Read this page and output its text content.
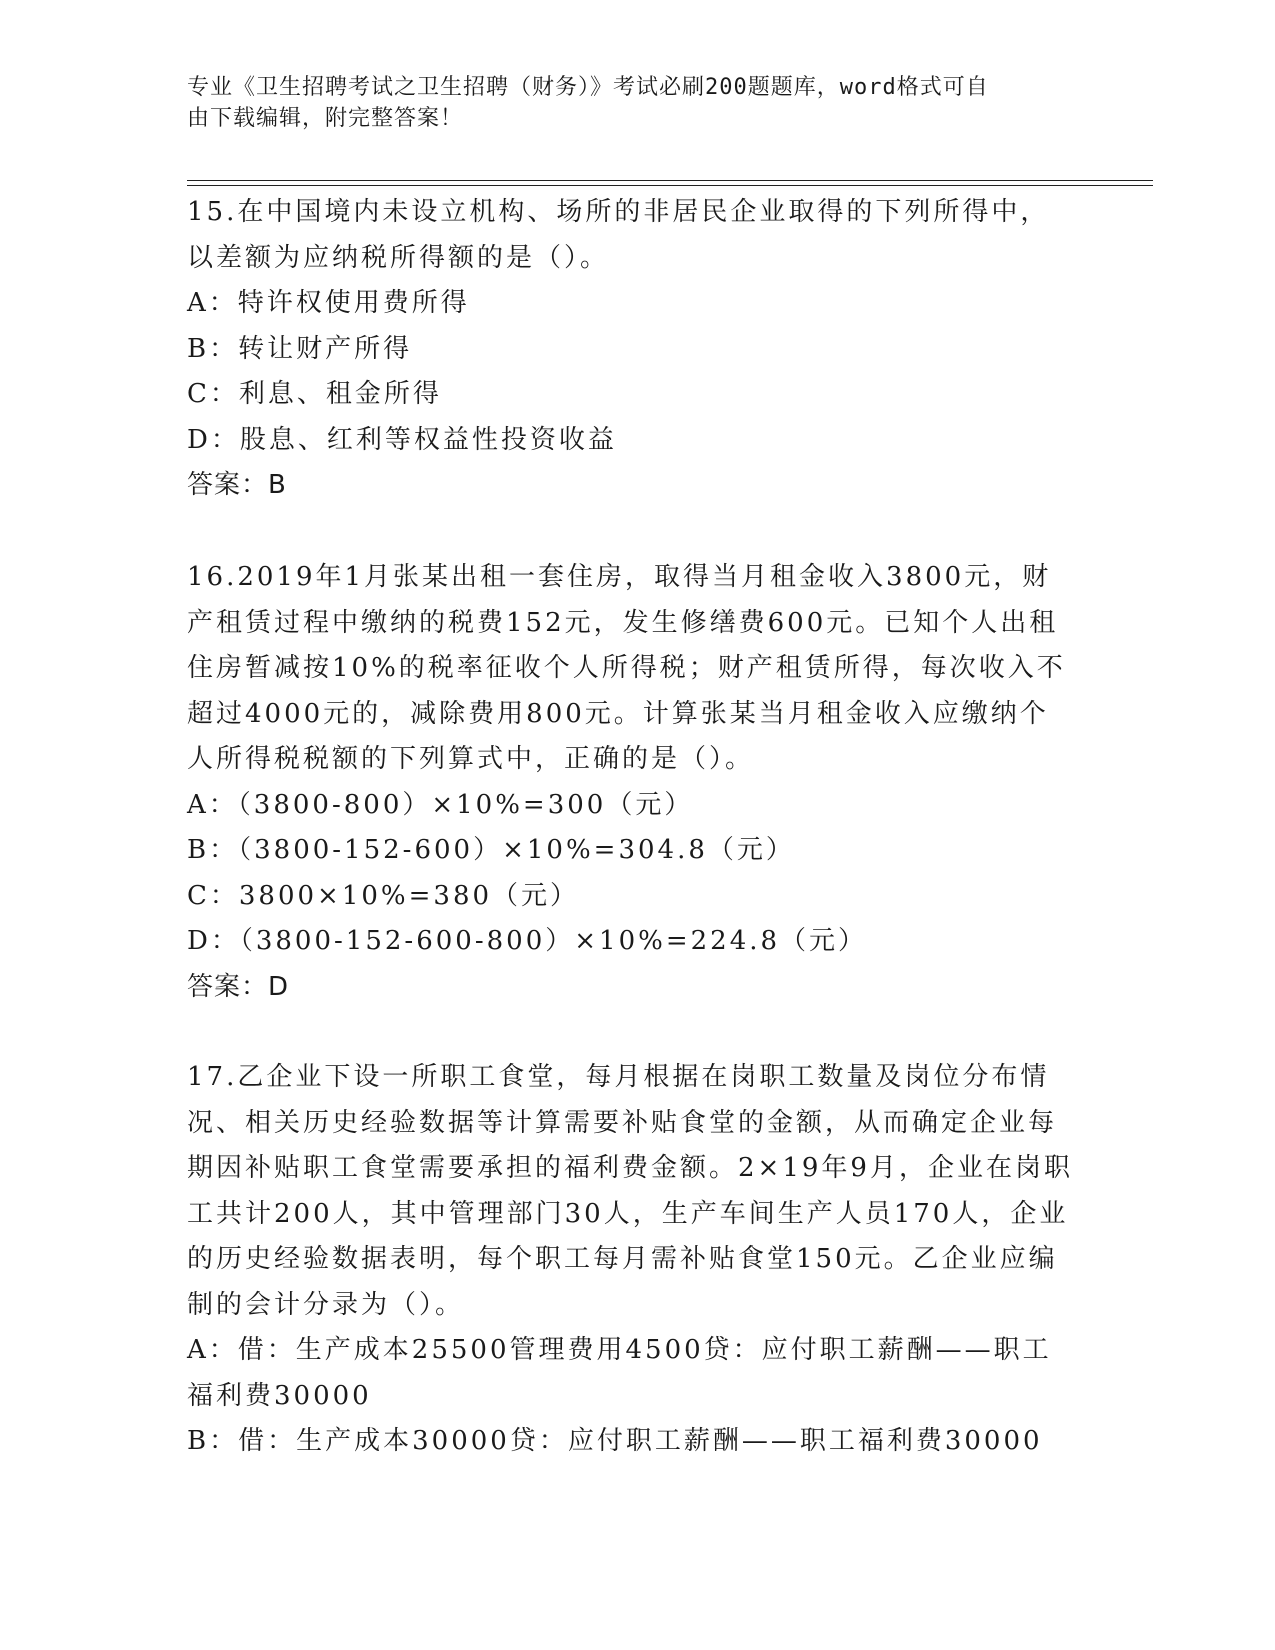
专业《卫生招聘考试之卫生招聘（财务）》考试必刷200题题库，word格式可自
由下载编辑，附完整答案！
15.在中国境内未设立机构、场所的非居民企业取得的下列所得中，以差额为应纳税所得额的是（）。
A：特许权使用费所得
B：转让财产所得
C：利息、租金所得
D：股息、红利等权益性投资收益
答案：B
16.2019年1月张某出租一套住房，取得当月租金收入3800元，财产租赁过程中缴纳的税费152元，发生修缮费600元。已知个人出租住房暂减按10%的税率征收个人所得税；财产租赁所得，每次收入不超过4000元的，减除费用800元。计算张某当月租金收入应缴纳个人所得税税额的下列算式中，正确的是（）。
A：（3800-800）×10%=300（元）
B：（3800-152-600）×10%=304.8（元）
C：3800×10%=380（元）
D：（3800-152-600-800）×10%=224.8（元）
答案：D
17.乙企业下设一所职工食堂，每月根据在岗职工数量及岗位分布情况、相关历史经验数据等计算需要补贴食堂的金额，从而确定企业每期因补贴职工食堂需要承担的福利费金额。2×19年9月，企业在岗职工共计200人，其中管理部门30人，生产车间生产人员170人，企业的历史经验数据表明，每个职工每月需补贴食堂150元。乙企业应编制的会计分录为（）。
A：借：生产成本25500管理费用4500贷：应付职工薪酬——职工福利费30000
B：借：生产成本30000贷：应付职工薪酬——职工福利费30000
